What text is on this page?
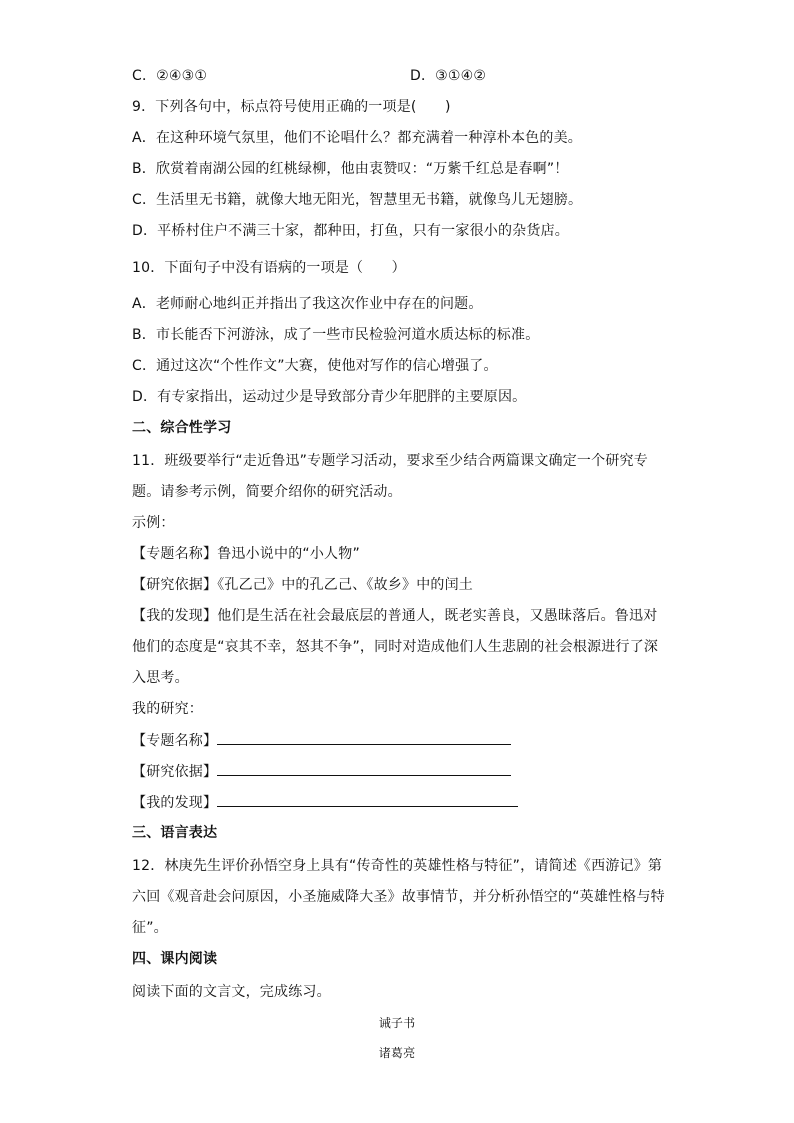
C．②④③①	D．③①④②
9．下列各句中，标点符号使用正确的一项是(　　)
A．在这种环境气氛里，他们不论唱什么？都充满着一种淳朴本色的美。
B．欣赏着南湖公园的红桃绿柳，他由衷赞叹：“万紫千红总是春啊”！
C．生活里无书籍，就像大地无阳光，智慧里无书籍，就像鸟儿无翅膀。
D．平桥村住户不满三十家，都种田，打鱼，只有一家很小的杂货店。
10．下面句子中没有语病的一项是（　　）
A．老师耐心地纠正并指出了我这次作业中存在的问题。
B．市长能否下河游泳，成了一些市民检验河道水质达标的标准。
C．通过这次“个性作文”大赛，使他对写作的信心增强了。
D．有专家指出，运动过少是导致部分青少年肥胖的主要原因。
二、综合性学习
11．班级要举行“走近鲁迅”专题学习活动，要求至少结合两篇课文确定一个研究专
题。请参考示例，简要介绍你的研究活动。
示例：
【专题名称】鲁迅小说中的“小人物”
【研究依据】《孔乙己》中的孔乙己、《故乡》中的闰土
【我的发现】他们是生活在社会最底层的普通人，既老实善良，又愚昧落后。鲁迅对
他们的态度是“哀其不幸，怒其不争”，同时对造成他们人生悲剧的社会根源进行了深
入思考。
我的研究：
【专题名称】
【研究依据】
【我的发现】
三、语言表达
12．林庚先生评价孙悟空身上具有“传奇性的英雄性格与特征”，请简述《西游记》第
六回《观音赴会问原因，小圣施威降大圣》故事情节，并分析孙悟空的“英雄性格与特
征”。
四、课内阅读
阅读下面的文言文，完成练习。
诫子书
诸葛亮
